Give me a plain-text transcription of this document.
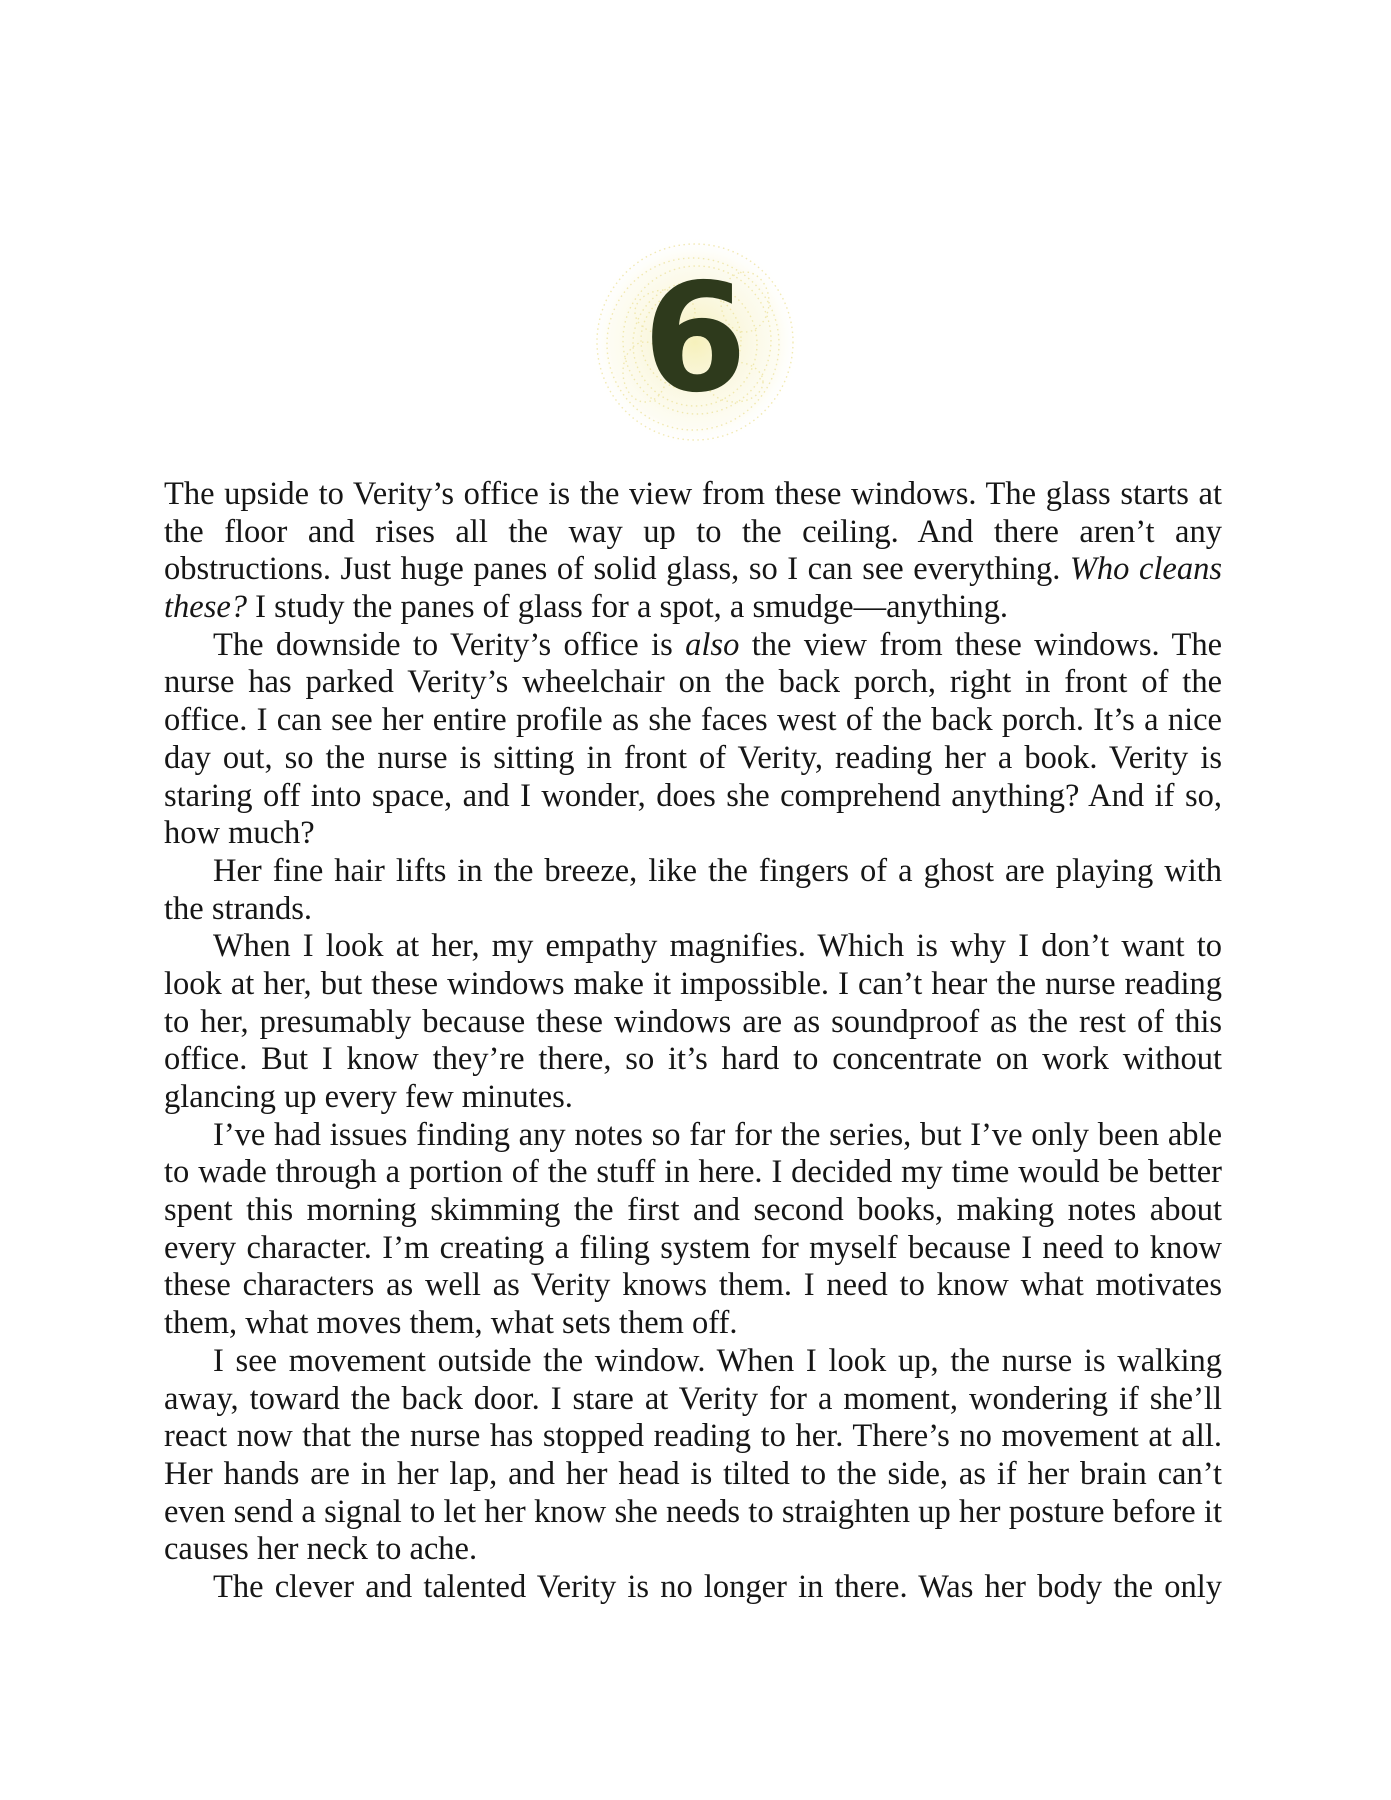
6
The upside to Verity’s office is the view from these windows. The glass starts at
the floor and rises all the way up to the ceiling. And there aren’t any
obstructions. Just huge panes of solid glass, so I can see everything. Who cleans
these? I study the panes of glass for a spot, a smudge—anything.
The downside to Verity’s office is also the view from these windows. The
nurse has parked Verity’s wheelchair on the back porch, right in front of the
office. I can see her entire profile as she faces west of the back porch. It’s a nice
day out, so the nurse is sitting in front of Verity, reading her a book. Verity is
staring off into space, and I wonder, does she comprehend anything? And if so,
how much?
Her fine hair lifts in the breeze, like the fingers of a ghost are playing with
the strands.
When I look at her, my empathy magnifies. Which is why I don’t want to
look at her, but these windows make it impossible. I can’t hear the nurse reading
to her, presumably because these windows are as soundproof as the rest of this
office. But I know they’re there, so it’s hard to concentrate on work without
glancing up every few minutes.
I’ve had issues finding any notes so far for the series, but I’ve only been able
to wade through a portion of the stuff in here. I decided my time would be better
spent this morning skimming the first and second books, making notes about
every character. I’m creating a filing system for myself because I need to know
these characters as well as Verity knows them. I need to know what motivates
them, what moves them, what sets them off.
I see movement outside the window. When I look up, the nurse is walking
away, toward the back door. I stare at Verity for a moment, wondering if she’ll
react now that the nurse has stopped reading to her. There’s no movement at all.
Her hands are in her lap, and her head is tilted to the side, as if her brain can’t
even send a signal to let her know she needs to straighten up her posture before it
causes her neck to ache.
The clever and talented Verity is no longer in there. Was her body the only
